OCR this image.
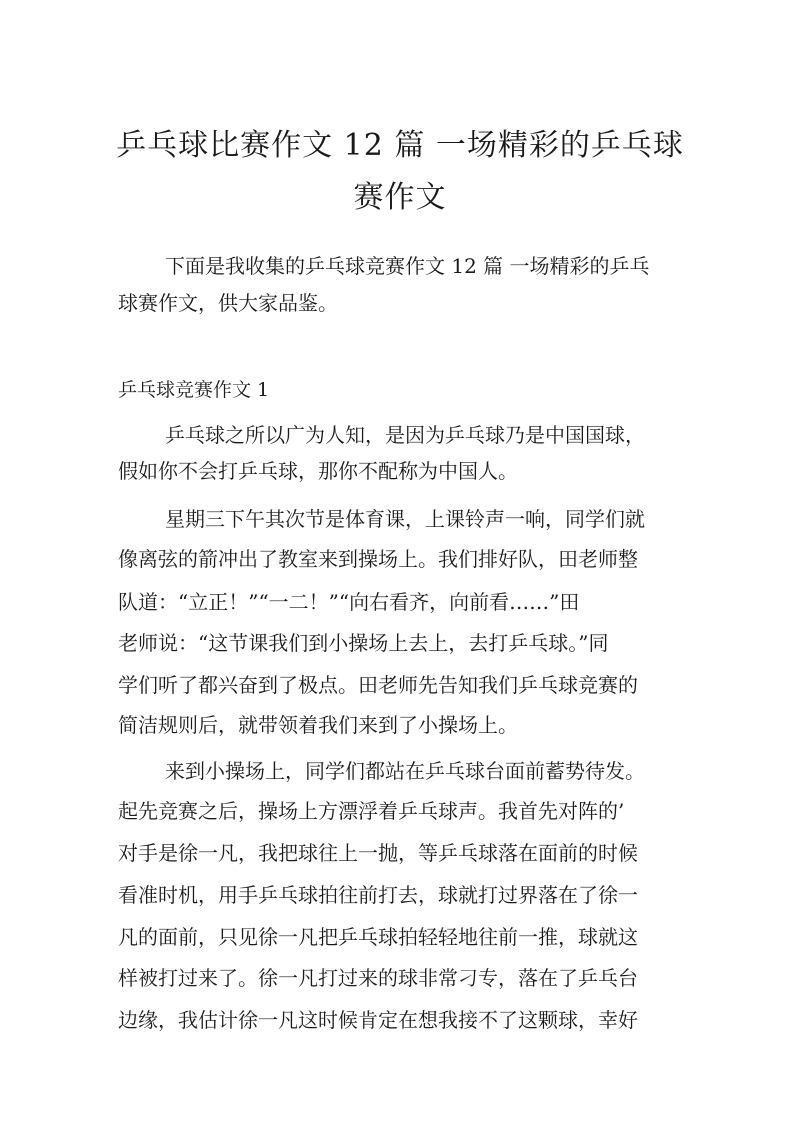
乒乓球比赛作文 12 篇 一场精彩的乒乓球
赛作文

下面是我收集的乒乓球竞赛作文 12 篇 一场精彩的乒乓

球赛作文，供大家品鉴。

乒乓球竞赛作文 1

乒乓球之所以广为人知，是因为乒乓球乃是中国国球，

假如你不会打乒乓球，那你不配称为中国人。

星期三下午其次节是体育课，上课铃声一响，同学们就

像离弦的箭冲出了教室来到操场上。我们排好队，田老师整

队道：“立正！”“一二！”“向右看齐，向前看……”田

老师说：“这节课我们到小操场上去上，去打乒乓球。”同

学们听了都兴奋到了极点。田老师先告知我们乒乓球竞赛的

简洁规则后，就带领着我们来到了小操场上。

来到小操场上，同学们都站在乒乓球台面前蓄势待发。

起先竞赛之后，操场上方漂浮着乒乓球声。我首先对阵的’

对手是徐一凡，我把球往上一抛，等乒乓球落在面前的时候

看准时机，用手乒乓球拍往前打去，球就打过界落在了徐一

凡的面前，只见徐一凡把乒乓球拍轻轻地往前一推，球就这

样被打过来了。徐一凡打过来的球非常刁专，落在了乒乓台

边缘，我估计徐一凡这时候肯定在想我接不了这颗球，幸好
